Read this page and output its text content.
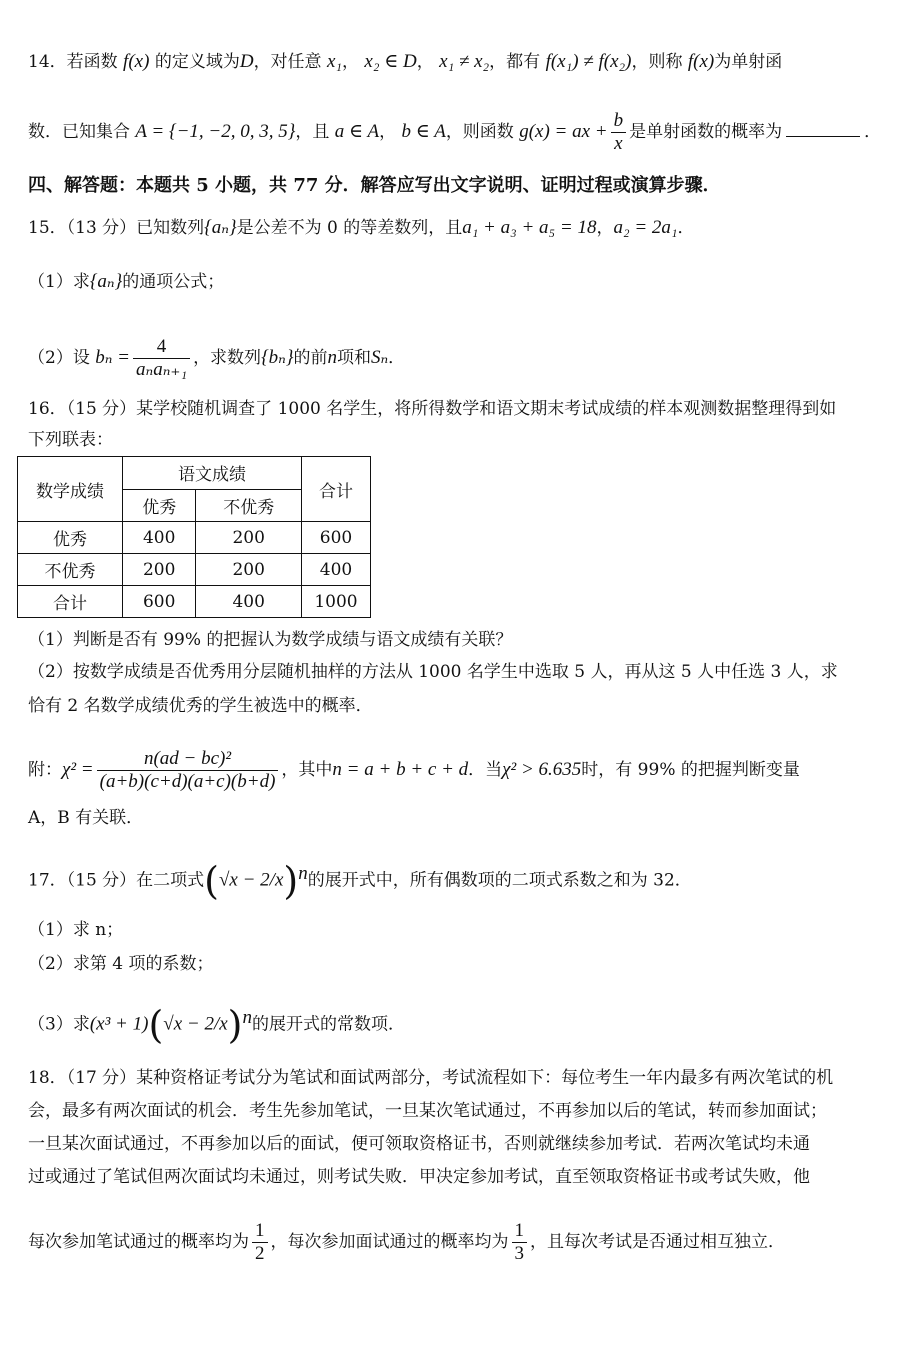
14．若函数 f(x) 的定义域为D，对任意 x₁， x₂ ∈ D， x₁ ≠ x₂，都有 f(x₁) ≠ f(x₂)，则称 f(x)为单射函
数．已知集合 A = {−1, −2, 0, 3, 5}，且 a ∈ A， b ∈ A，则函数 g(x) = ax + $\frac{b}{x}$ 是单射函数的概率为	．
四、解答题：本题共 5 小题，共 77 分．解答应写出文字说明、证明过程或演算步骤．
15．（13 分）已知数列{aₙ}是公差不为 0 的等差数列，且a₁ + a₃ + a₅ = 18，a₂ = 2a₁．
（1）求{aₙ}的通项公式；
（2）设 $b_n = \frac{4}{\text{aₙaₙ₊₁}}$ ，求数列{bₙ}的前n项和Sₙ．
16．（15 分）某学校随机调查了 1000 名学生，将所得数学和语文期末考试成绩的样本观测数据整理得到如
下列联表：
数学成绩	语文成绩		合计
	优秀	不优秀	
优秀	400	200	600
不优秀	200	200	400
合计	600	400	1000
（1）判断是否有 99% 的把握认为数学成绩与语文成绩有关联？
（2）按数学成绩是否优秀用分层随机抽样的方法从 1000 名学生中选取 5 人，再从这 5 人中任选 3 人，求
恰有 2 名数学成绩优秀的学生被选中的概率．
附：$\chi^2 = \frac{\text{n(ad − bc)²}}{(a+b)(c+d)(a+c)(b+d)}$ ，其中n = a + b + c + d．当χ² > 6.635时，有 99% 的把握判断变量
A，B 有关联．
17．（15 分）在二项式$(√x - 2/x)^n$的展开式中，所有偶数项的二项式系数之和为 32．
（1）求 n；
（2）求第 4 项的系数；
（3）求$(x^3 + 1)(√x - 2/x)^n$的展开式的常数项．
18．（17 分）某种资格证考试分为笔试和面试两部分，考试流程如下：每位考生一年内最多有两次笔试的机
会，最多有两次面试的机会．考生先参加笔试，一旦某次笔试通过，不再参加以后的笔试，转而参加面试；
一旦某次面试通过，不再参加以后的面试，便可领取资格证书，否则就继续参加考试．若两次笔试均未通
过或通过了笔试但两次面试均未通过，则考试失败．甲决定参加考试，直至领取资格证书或考试失败，他
每次参加笔试通过的概率均为 $\frac{1}{2}$ ，每次参加面试通过的概率均为 $\frac{1}{3}$ ，且每次考试是否通过相互独立．
